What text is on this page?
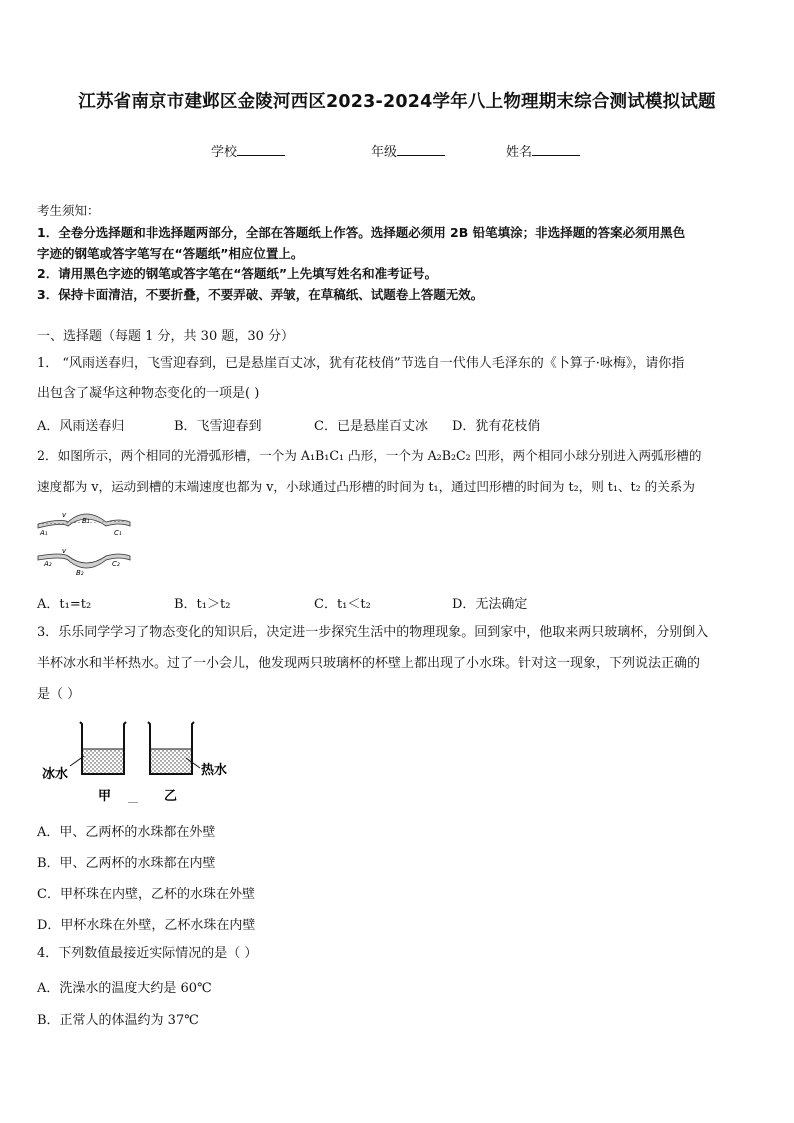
江苏省南京市建邺区金陵河西区2023-2024学年八上物理期末综合测试模拟试题
学校	年级	姓名
考生须知：
1．全卷分选择题和非选择题两部分，全部在答题纸上作答。选择题必须用 2B 铅笔填涂；非选择题的答案必须用黑色
字迹的钢笔或答字笔写在“答题纸”相应位置上。
2．请用黑色字迹的钢笔或答字笔在“答题纸”上先填写姓名和准考证号。
3．保持卡面清洁，不要折叠，不要弄破、弄皱，在草稿纸、试题卷上答题无效。
一、选择题（每题 1 分，共 30 题，30 分）
1． “风雨送春归，飞雪迎春到，已是悬崖百丈冰，犹有花枝俏”节选自一代伟人毛泽东的《卜算子·咏梅》，请你指
出包含了凝华这种物态变化的一项是( )
A．风雨送春归	B．飞雪迎春到	C．已是悬崖百丈冰 D．犹有花枝俏
2．如图所示，两个相同的光滑弧形槽，一个为 A₁B₁C₁ 凸形，一个为 A₂B₂C₂ 凹形，两个相同小球分别进入两弧形槽的
速度都为 v，运动到槽的末端速度也都为 v，小球通过凸形槽的时间为 t₁，通过凹形槽的时间为 t₂，则 t₁、t₂ 的关系为
v
A₁
B₁
C₁
v
A₂
B₂
C₂
A．t₁=t₂	B．t₁＞t₂	C．t₁＜t₂	D．无法确定
3．乐乐同学学习了物态变化的知识后，决定进一步探究生活中的物理现象。回到家中，他取来两只玻璃杯，分别倒入
半杯冰水和半杯热水。过了一小会儿，他发现两只玻璃杯的杯壁上都出现了小水珠。针对这一现象，下列说法正确的
是（ ）
冰水	热水
甲 ＿ 乙
A．甲、乙两杯的水珠都在外壁
B．甲、乙两杯的水珠都在内壁
C．甲杯珠在内壁，乙杯的水珠在外壁
D．甲杯水珠在外壁，乙杯水珠在内壁
4．下列数值最接近实际情况的是（ ）
A．洗澡水的温度大约是 60℃
B．正常人的体温约为 37℃
